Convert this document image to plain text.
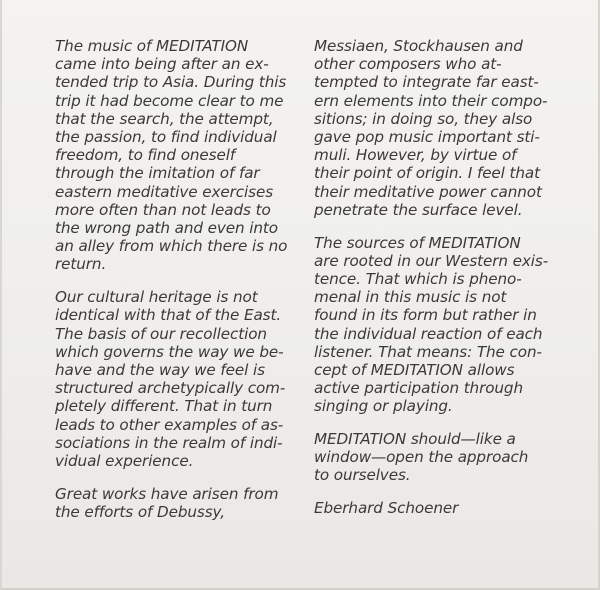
The music of MEDITATION
came into being after an ex-
tended trip to Asia. During this
trip it had become clear to me
that the search, the attempt,
the passion, to find individual
freedom, to find oneself
through the imitation of far
eastern meditative exercises
more often than not leads to
the wrong path and even into
an alley from which there is no
return.

Our cultural heritage is not
identical with that of the East.
The basis of our recollection
which governs the way we be-
have and the way we feel is
structured archetypically com-
pletely different. That in turn
leads to other examples of as-
sociations in the realm of indi-
vidual experience.

Great works have arisen from
the efforts of Debussy,

Messiaen, Stockhausen and
other composers who at-
tempted to integrate far east-
ern elements into their compo-
sitions; in doing so, they also
gave pop music important sti-
muli. However, by virtue of
their point of origin. I feel that
their meditative power cannot
penetrate the surface level.

The sources of MEDITATION
are rooted in our Western exis-
tence. That which is pheno-
menal in this music is not
found in its form but rather in
the individual reaction of each
listener. That means: The con-
cept of MEDITATION allows
active participation through
singing or playing.

MEDITATION should—like a
window—open the approach
to ourselves.

Eberhard Schoener
